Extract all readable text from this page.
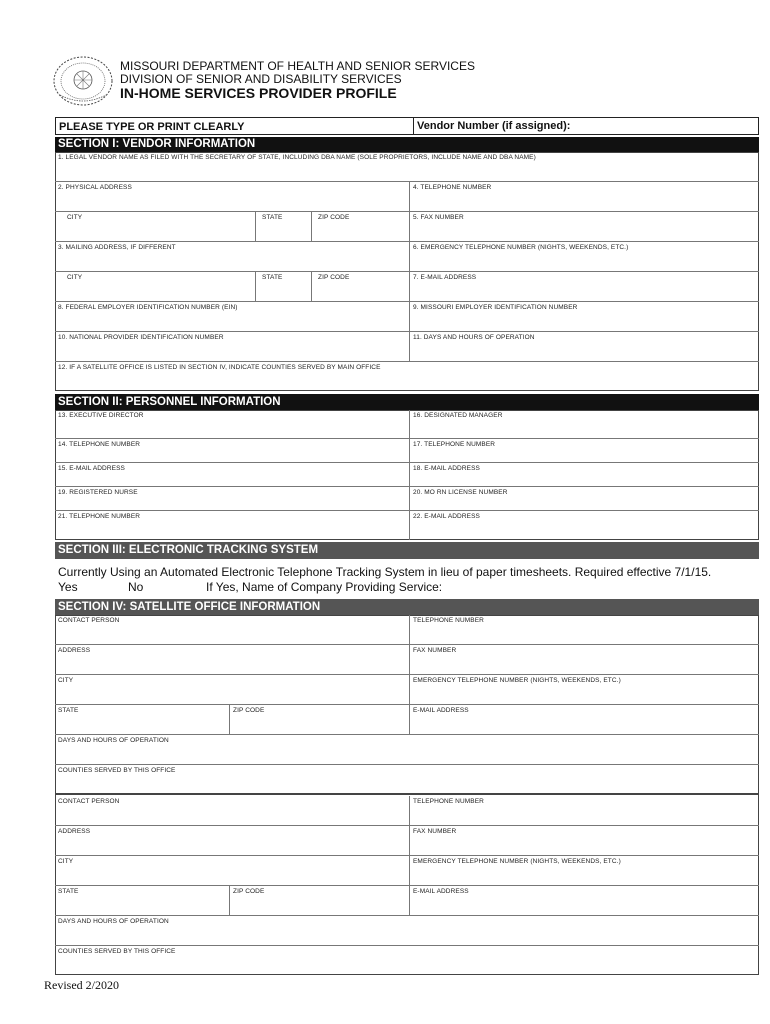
MISSOURI DEPARTMENT OF HEALTH AND SENIOR SERVICES
DIVISION OF SENIOR AND DISABILITY SERVICES
IN-HOME SERVICES PROVIDER PROFILE
PLEASE TYPE OR PRINT CLEARLY	Vendor Number (if assigned):
SECTION I: VENDOR INFORMATION
1. LEGAL VENDOR NAME AS FILED WITH THE SECRETARY OF STATE, INCLUDING DBA NAME (SOLE PROPRIETORS, INCLUDE NAME AND DBA NAME)
2. PHYSICAL ADDRESS	4. TELEPHONE NUMBER
CITY	STATE	ZIP CODE	5. FAX NUMBER
3. MAILING ADDRESS, IF DIFFERENT	6. EMERGENCY TELEPHONE NUMBER (NIGHTS, WEEKENDS, ETC.)
CITY	STATE	ZIP CODE	7. E-MAIL ADDRESS
8. FEDERAL EMPLOYER IDENTIFICATION NUMBER (EIN)	9. MISSOURI EMPLOYER IDENTIFICATION NUMBER
10. NATIONAL PROVIDER IDENTIFICATION NUMBER	11. DAYS AND HOURS OF OPERATION
12. IF A SATELLITE OFFICE IS LISTED IN SECTION IV, INDICATE COUNTIES SERVED BY MAIN OFFICE
SECTION II: PERSONNEL INFORMATION
13. EXECUTIVE DIRECTOR	16. DESIGNATED MANAGER
14. TELEPHONE NUMBER	17. TELEPHONE NUMBER
15. E-MAIL ADDRESS	18. E-MAIL ADDRESS
19. REGISTERED NURSE	20. MO RN LICENSE NUMBER
21. TELEPHONE NUMBER	22. E-MAIL ADDRESS
SECTION III: ELECTRONIC TRACKING SYSTEM
Currently Using an Automated Electronic Telephone Tracking System in lieu of paper timesheets. Required effective 7/1/15.
Yes	No	If Yes, Name of Company Providing Service:
SECTION IV: SATELLITE OFFICE INFORMATION
CONTACT PERSON	TELEPHONE NUMBER
ADDRESS	FAX NUMBER
CITY	EMERGENCY TELEPHONE NUMBER (NIGHTS, WEEKENDS, ETC.)
STATE	ZIP CODE	E-MAIL ADDRESS
DAYS AND HOURS OF OPERATION
COUNTIES SERVED BY THIS OFFICE
CONTACT PERSON	TELEPHONE NUMBER
ADDRESS	FAX NUMBER
CITY	EMERGENCY TELEPHONE NUMBER (NIGHTS, WEEKENDS, ETC.)
STATE	ZIP CODE	E-MAIL ADDRESS
DAYS AND HOURS OF OPERATION
COUNTIES SERVED BY THIS OFFICE
Revised 2/2020
